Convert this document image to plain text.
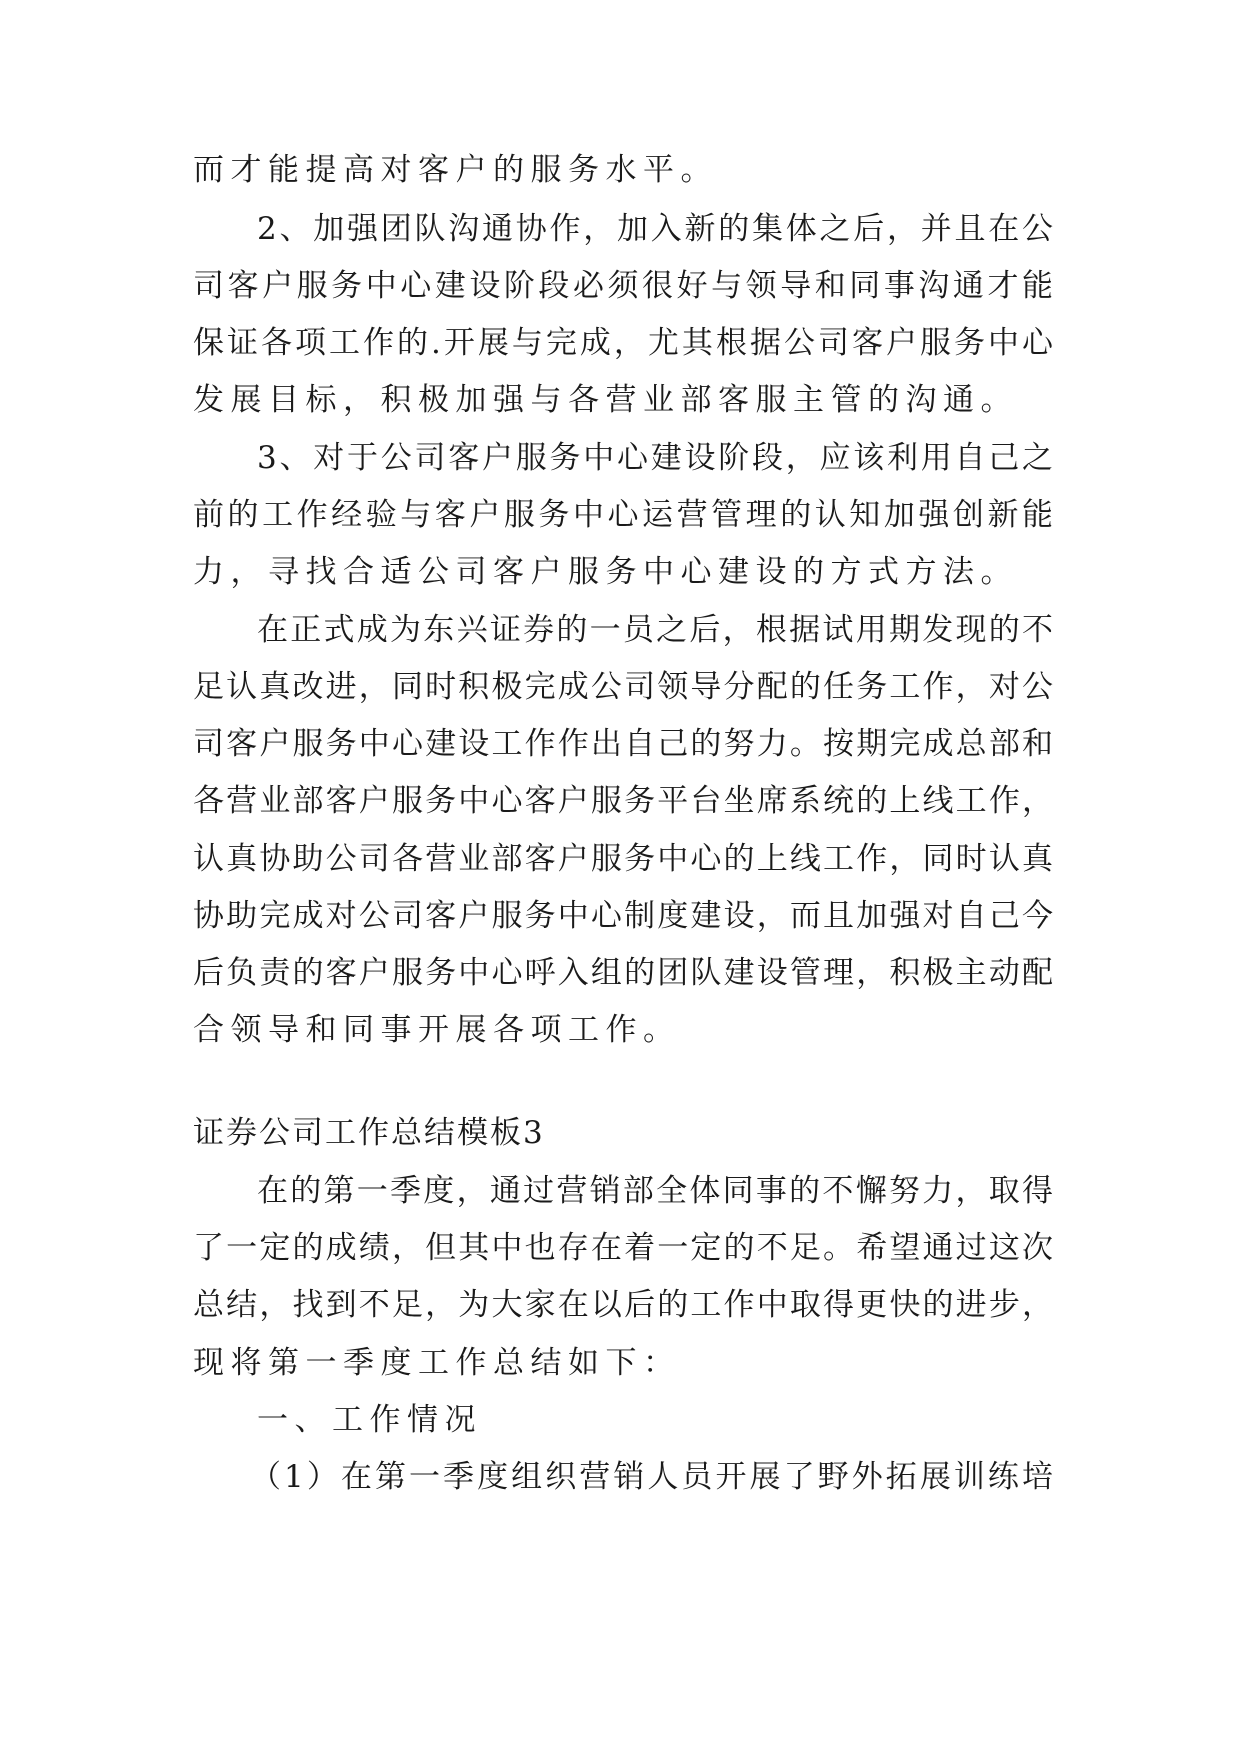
而才能提高对客户的服务水平。
2、加强团队沟通协作，加入新的集体之后，并且在公
司客户服务中心建设阶段必须很好与领导和同事沟通才能
保证各项工作的.开展与完成，尤其根据公司客户服务中心
发展目标，积极加强与各营业部客服主管的沟通。
3、对于公司客户服务中心建设阶段，应该利用自己之
前的工作经验与客户服务中心运营管理的认知加强创新能
力，寻找合适公司客户服务中心建设的方式方法。
在正式成为东兴证券的一员之后，根据试用期发现的不
足认真改进，同时积极完成公司领导分配的任务工作，对公
司客户服务中心建设工作作出自己的努力。按期完成总部和
各营业部客户服务中心客户服务平台坐席系统的上线工作，
认真协助公司各营业部客户服务中心的上线工作，同时认真
协助完成对公司客户服务中心制度建设，而且加强对自己今
后负责的客户服务中心呼入组的团队建设管理，积极主动配
合领导和同事开展各项工作。
证券公司工作总结模板3
在的第一季度，通过营销部全体同事的不懈努力，取得
了一定的成绩，但其中也存在着一定的不足。希望通过这次
总结，找到不足，为大家在以后的工作中取得更快的进步，
现将第一季度工作总结如下：
一、工作情况
（1）在第一季度组织营销人员开展了野外拓展训练培
